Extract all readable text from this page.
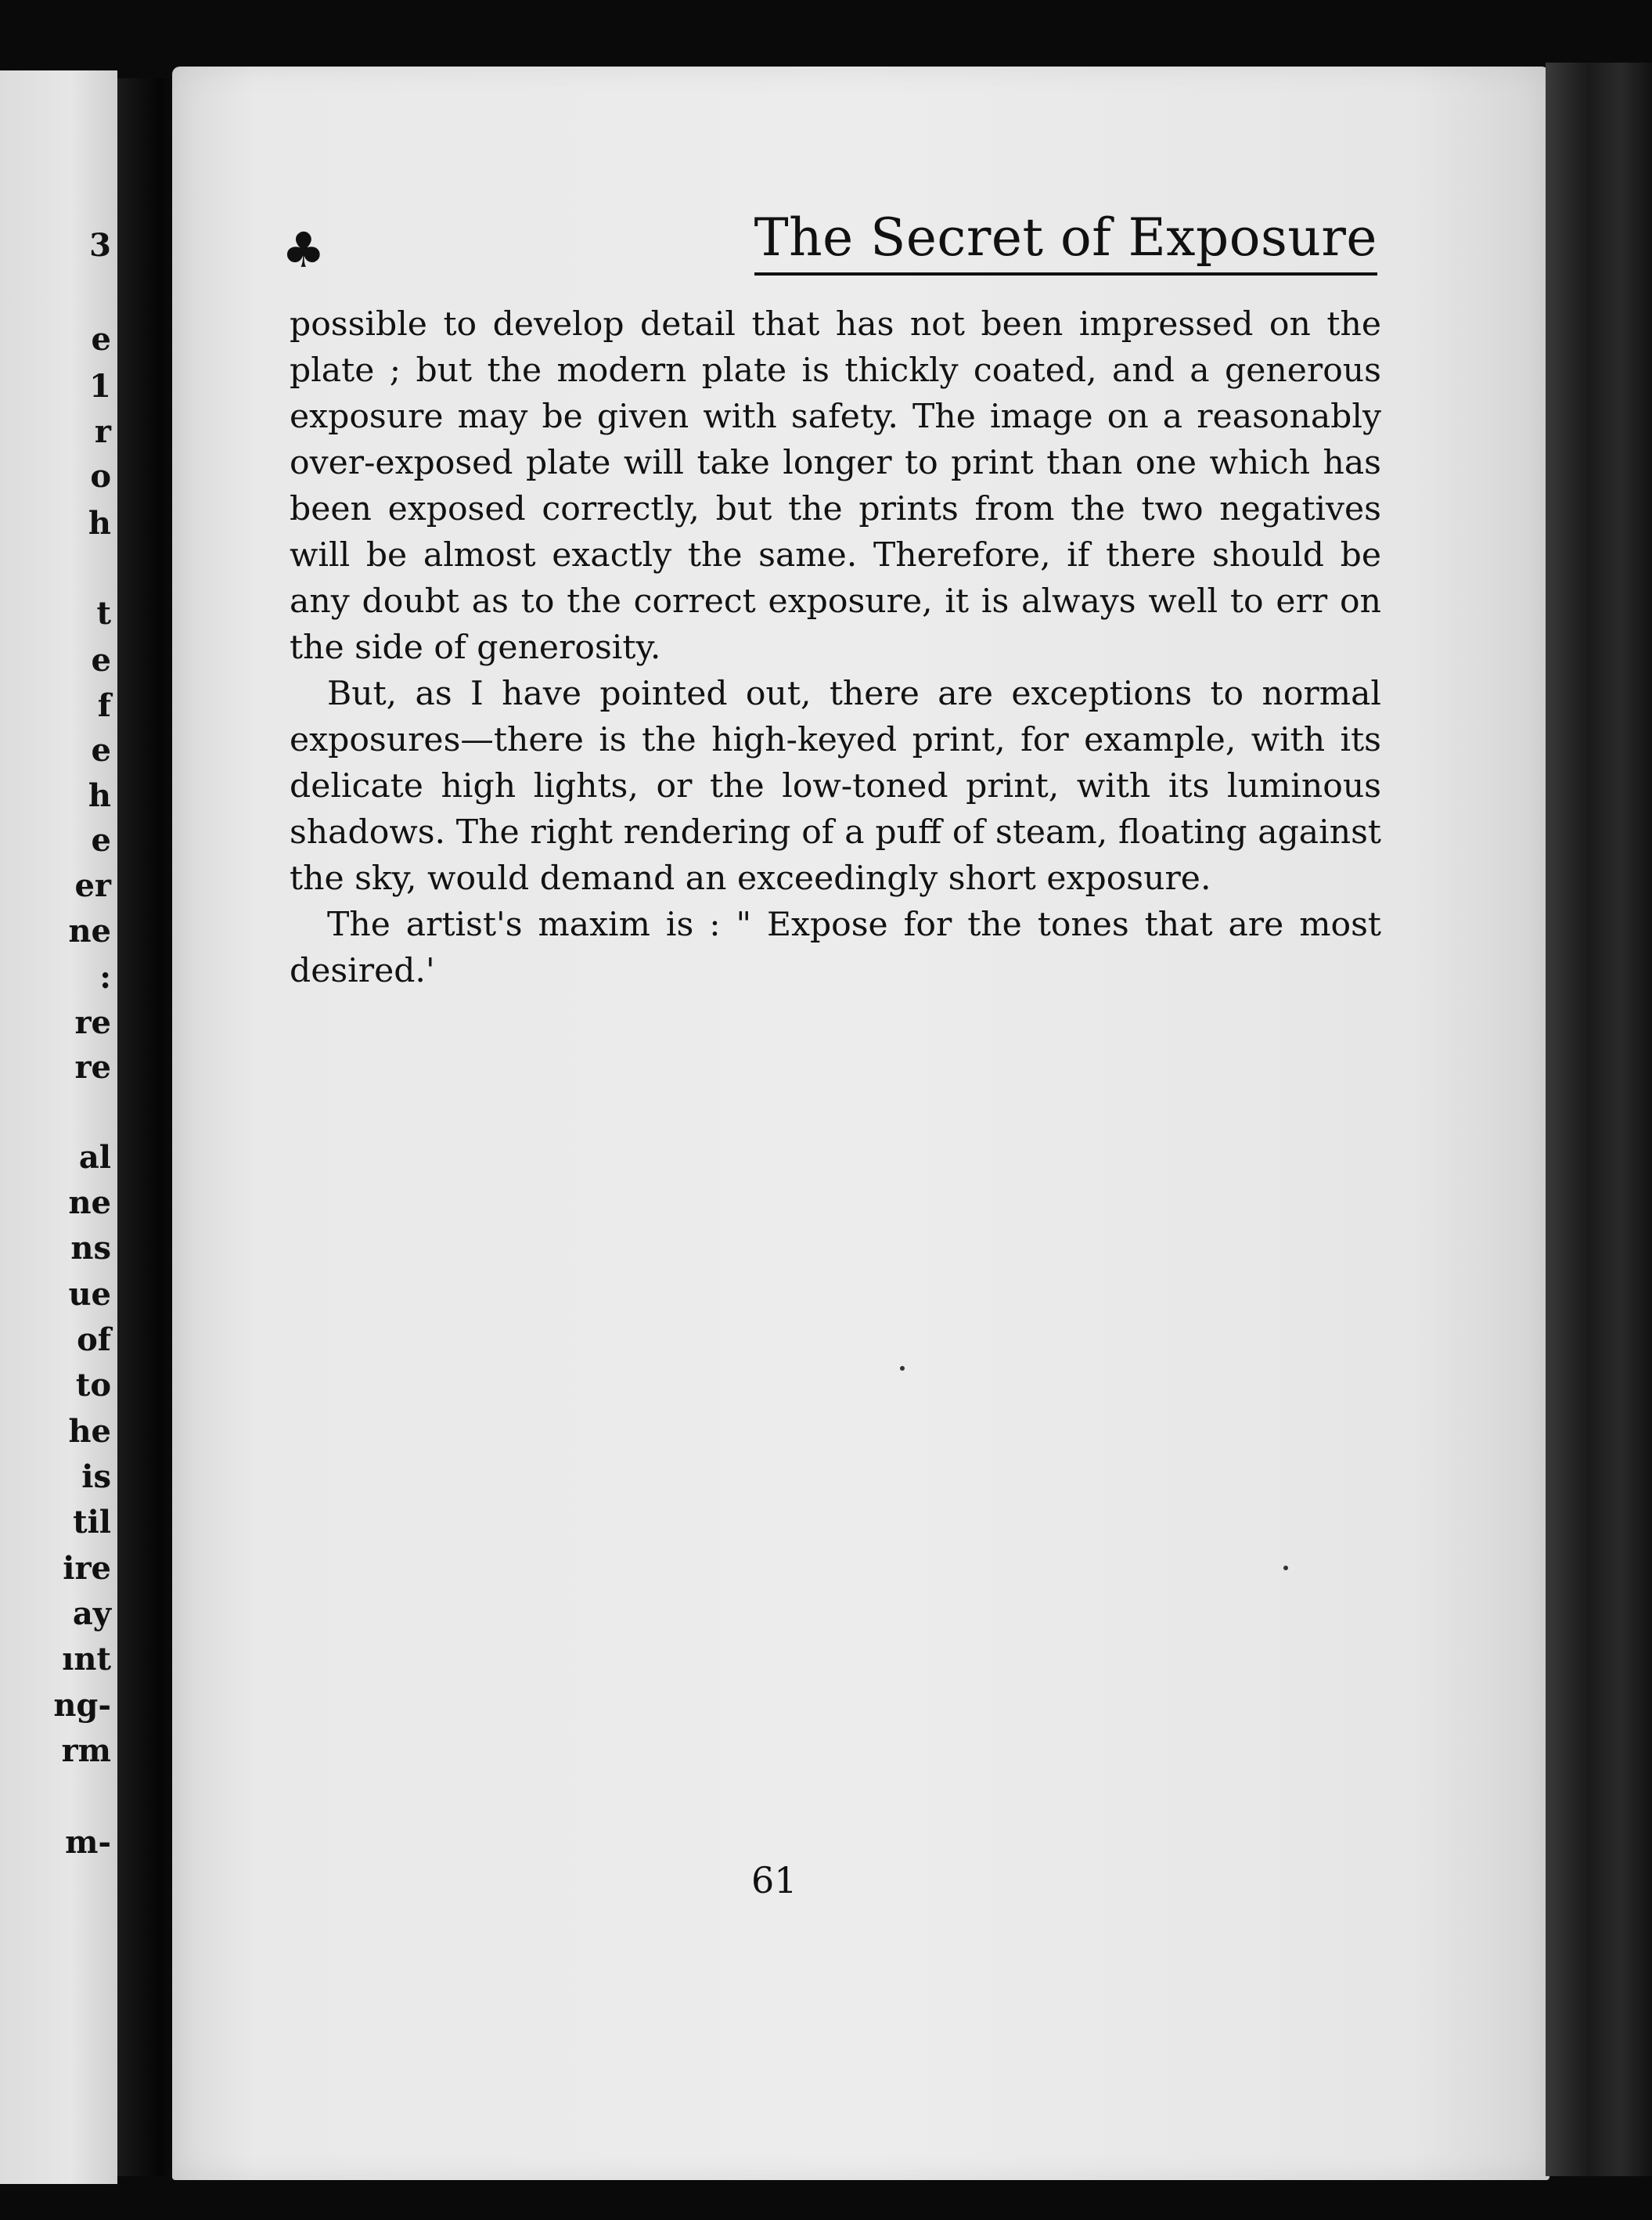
3
e
1
r
o
h
t
e
f
e
h
e
er
ne
:
re
re
al
ne
ns
ue
of
to
he
is
til
ire
ay
ınt
ng-
rm
m-
♣	The Secret of Exposure

possible to develop detail that has not been impressed on the plate ; but the modern plate is thickly coated, and a generous exposure may be given with safety. The image on a reasonably over-exposed plate will take longer to print than one which has been exposed correctly, but the prints from the two negatives will be almost exactly the same. Therefore, if there should be any doubt as to the correct exposure, it is always well to err on the side of generosity.

But, as I have pointed out, there are exceptions to normal exposures—there is the high-keyed print, for example, with its delicate high lights, or the low-toned print, with its luminous shadows. The right rendering of a puff of steam, floating against the sky, would demand an exceedingly short exposure.

The artist's maxim is : " Expose for the tones that are most desired.'

61
